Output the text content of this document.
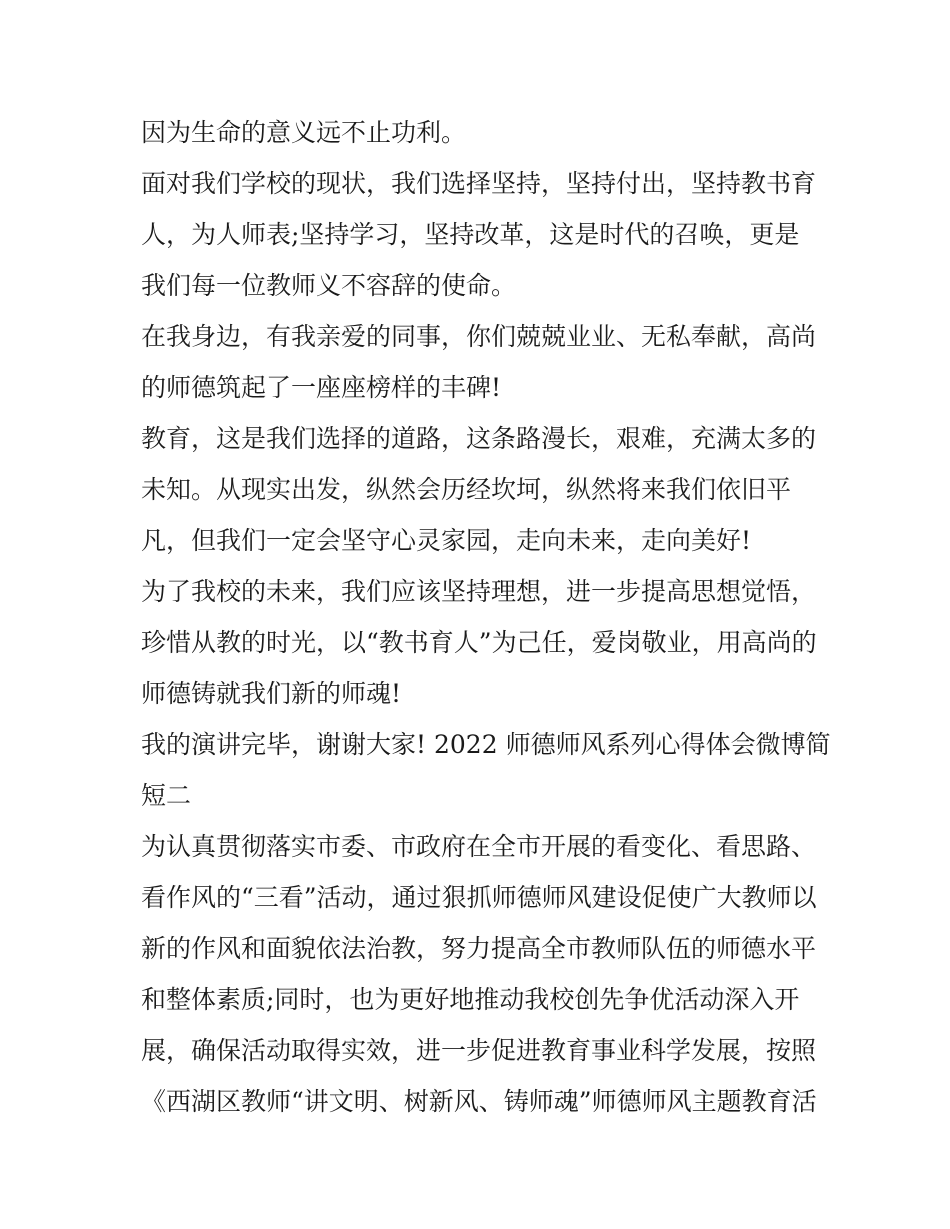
因为生命的意义远不止功利。
面对我们学校的现状，我们选择坚持，坚持付出，坚持教书育
人，为人师表;坚持学习，坚持改革，这是时代的召唤，更是
我们每一位教师义不容辞的使命。
在我身边，有我亲爱的同事，你们兢兢业业、无私奉献，高尚
的师德筑起了一座座榜样的丰碑!
教育，这是我们选择的道路，这条路漫长，艰难，充满太多的
未知。从现实出发，纵然会历经坎坷，纵然将来我们依旧平
凡，但我们一定会坚守心灵家园，走向未来，走向美好!
为了我校的未来，我们应该坚持理想，进一步提高思想觉悟，
珍惜从教的时光，以“教书育人”为己任，爱岗敬业，用高尚的
师德铸就我们新的师魂!
我的演讲完毕，谢谢大家! 2022 师德师风系列心得体会微博简
短二
为认真贯彻落实市委、市政府在全市开展的看变化、看思路、
看作风的“三看”活动，通过狠抓师德师风建设促使广大教师以
新的作风和面貌依法治教，努力提高全市教师队伍的师德水平
和整体素质;同时，也为更好地推动我校创先争优活动深入开
展，确保活动取得实效，进一步促进教育事业科学发展，按照
《西湖区教师“讲文明、树新风、铸师魂”师德师风主题教育活
